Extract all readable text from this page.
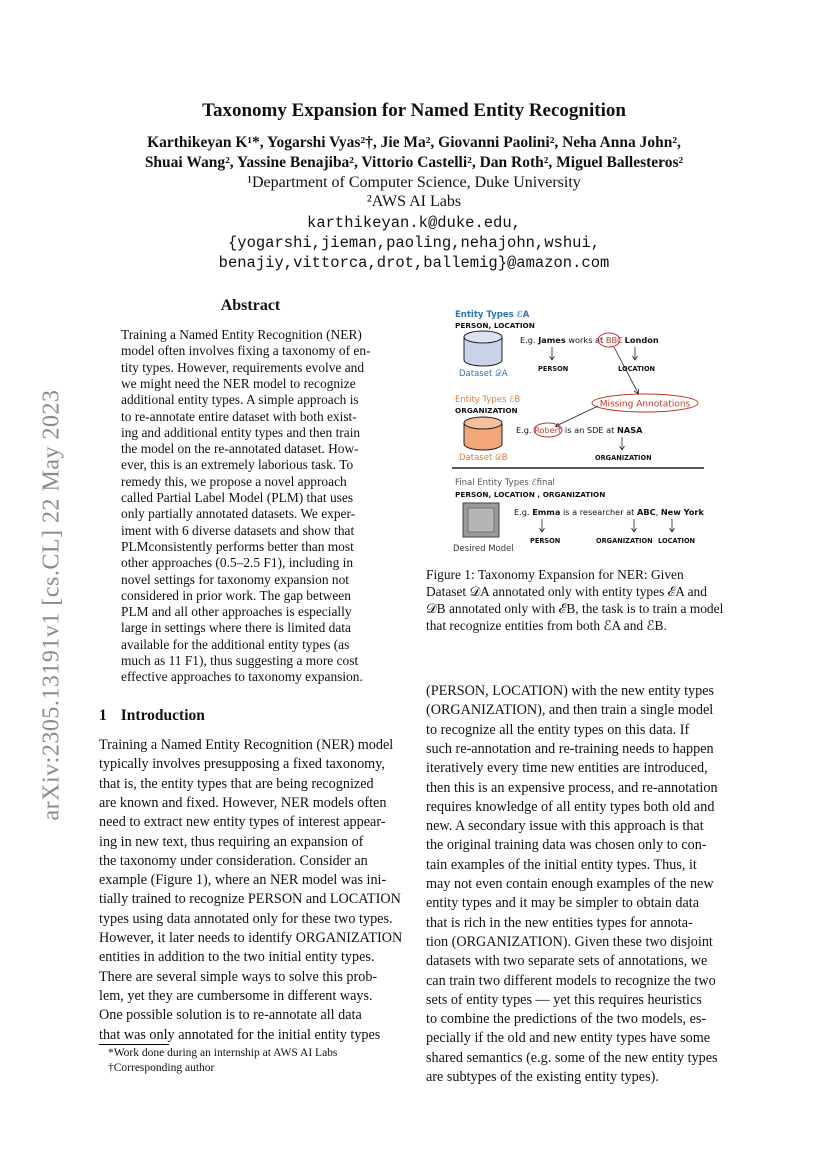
Taxonomy Expansion for Named Entity Recognition
Karthikeyan K¹*, Yogarshi Vyas²†, Jie Ma², Giovanni Paolini², Neha Anna John²,
Shuai Wang², Yassine Benajiba², Vittorio Castelli², Dan Roth², Miguel Ballesteros²
¹Department of Computer Science, Duke University
²AWS AI Labs
karthikeyan.k@duke.edu,
{yogarshi,jieman,paoling,nehajohn,wshui,
benajiy,vittorca,drot,ballemig}@amazon.com
arXiv:2305.13191v1 [cs.CL] 22 May 2023
Abstract
Training a Named Entity Recognition (NER)
model often involves fixing a taxonomy of en-
tity types. However, requirements evolve and
we might need the NER model to recognize
additional entity types. A simple approach is
to re-annotate entire dataset with both exist-
ing and additional entity types and then train
the model on the re-annotated dataset. How-
ever, this is an extremely laborious task. To
remedy this, we propose a novel approach
called Partial Label Model (PLM) that uses
only partially annotated datasets. We exper-
iment with 6 diverse datasets and show that
PLMconsistently performs better than most
other approaches (0.5–2.5 F1), including in
novel settings for taxonomy expansion not
considered in prior work. The gap between
PLM and all other approaches is especially
large in settings where there is limited data
available for the additional entity types (as
much as 11 F1), thus suggesting a more cost
effective approaches to taxonomy expansion.
Entity Types ℰA
PERSON, LOCATION
Dataset 𝒟A
E.g. James works at BBC London
PERSON	LOCATION
Missing Annotations
Entity Types ℰB
ORGANIZATION
Dataset 𝒟B
E.g. Robert is an SDE at NASA
ORGANIZATION
Final Entity Types ℰfinal
PERSON, LOCATION , ORGANIZATION
Desired Model
E.g. Emma is a researcher at ABC, New York
PERSON	ORGANIZATION LOCATION
Figure 1: Taxonomy Expansion for NER: Given
Dataset 𝒟A annotated only with entity types ℰA and
𝒟B annotated only with ℰB, the task is to train a model
that recognize entities from both ℰA and ℰB.
1 Introduction
Training a Named Entity Recognition (NER) model
typically involves presupposing a fixed taxonomy,
that is, the entity types that are being recognized
are known and fixed. However, NER models often
need to extract new entity types of interest appear-
ing in new text, thus requiring an expansion of
the taxonomy under consideration. Consider an
example (Figure 1), where an NER model was ini-
tially trained to recognize PERSON and LOCATION
types using data annotated only for these two types.
However, it later needs to identify ORGANIZATION
entities in addition to the two initial entity types.
There are several simple ways to solve this prob-
lem, yet they are cumbersome in different ways.
One possible solution is to re-annotate all data
that was only annotated for the initial entity types
(PERSON, LOCATION) with the new entity types
(ORGANIZATION), and then train a single model
to recognize all the entity types on this data. If
such re-annotation and re-training needs to happen
iteratively every time new entities are introduced,
then this is an expensive process, and re-annotation
requires knowledge of all entity types both old and
new. A secondary issue with this approach is that
the original training data was chosen only to con-
tain examples of the initial entity types. Thus, it
may not even contain enough examples of the new
entity types and it may be simpler to obtain data
that is rich in the new entities types for annota-
tion (ORGANIZATION). Given these two disjoint
datasets with two separate sets of annotations, we
can train two different models to recognize the two
sets of entity types — yet this requires heuristics
to combine the predictions of the two models, es-
pecially if the old and new entity types have some
shared semantics (e.g. some of the new entity types
are subtypes of the existing entity types).
*Work done during an internship at AWS AI Labs
†Corresponding author
